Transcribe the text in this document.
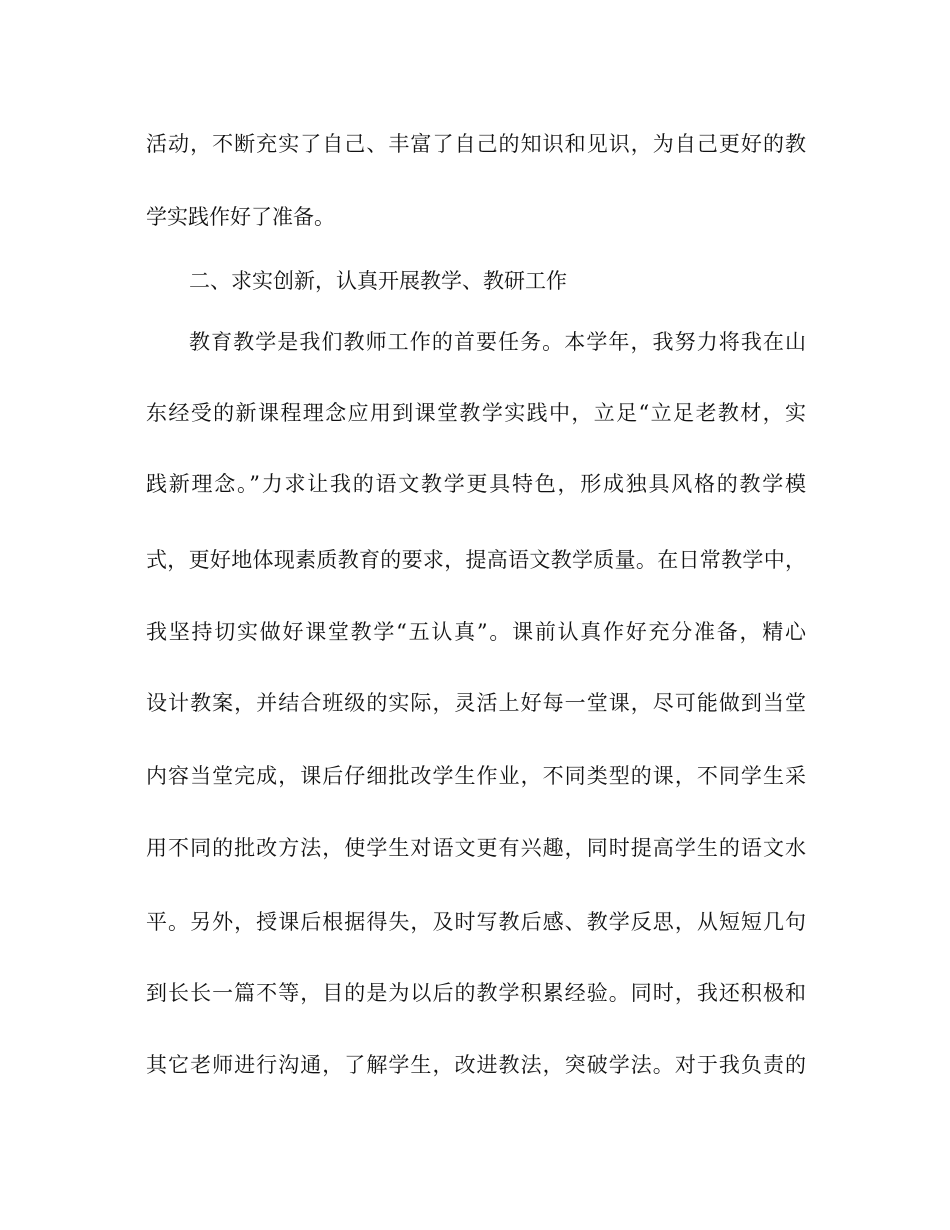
活动，不断充实了自己、丰富了自己的知识和见识，为自己更好的教

学实践作好了准备。

二、求实创新，认真开展教学、教研工作

教育教学是我们教师工作的首要任务。本学年，我努力将我在山

东经受的新课程理念应用到课堂教学实践中，立足“立足老教材，实

践新理念。”力求让我的语文教学更具特色，形成独具风格的教学模

式，更好地体现素质教育的要求，提高语文教学质量。在日常教学中，

我坚持切实做好课堂教学“五认真”。课前认真作好充分准备，精心

设计教案，并结合班级的实际，灵活上好每一堂课，尽可能做到当堂

内容当堂完成，课后仔细批改学生作业，不同类型的课，不同学生采

用不同的批改方法，使学生对语文更有兴趣，同时提高学生的语文水

平。另外，授课后根据得失，及时写教后感、教学反思，从短短几句

到长长一篇不等，目的是为以后的教学积累经验。同时，我还积极和

其它老师进行沟通，了解学生，改进教法，突破学法。对于我负责的
